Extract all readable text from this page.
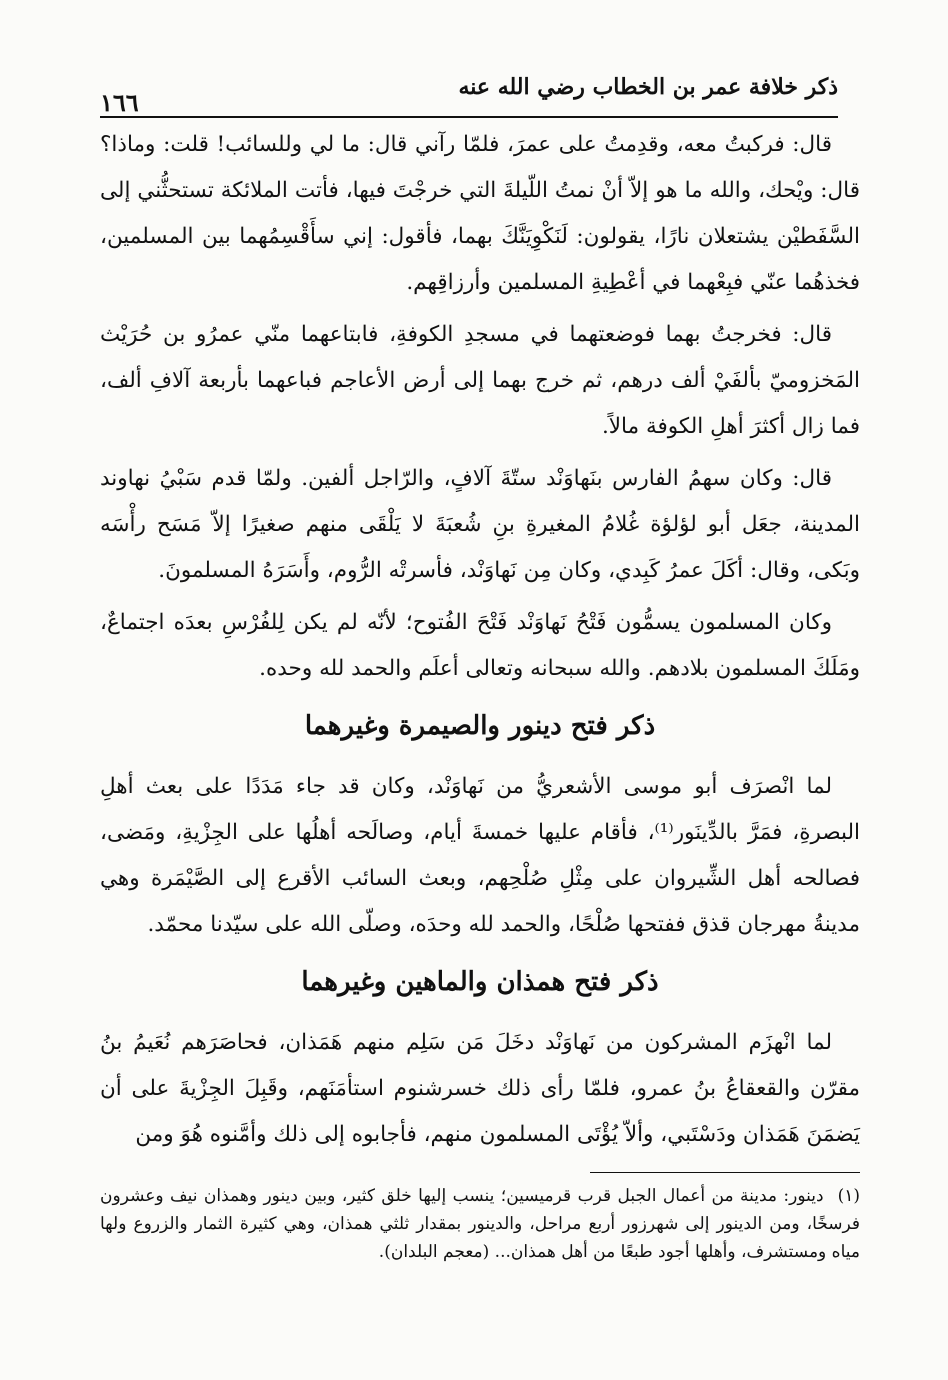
ذكر خلافة عمر بن الخطاب رضي الله عنه
١٦٦

قال: فركبتُ معه، وقدِمتُ على عمرَ، فلمّا رآني قال: ما لي وللسائب! قلت: وماذا؟ قال: ويْحك، والله ما هو إلاّ أنْ نمتُ اللّيلةَ التي خرجْتَ فيها، فأتت الملائكة تستحثُّني إلى السَّفَطيْن يشتعلان نارًا، يقولون: لَنَكْوِيَنَّكَ بهما، فأقول: إني سأَقْسِمُهما بين المسلمين، فخذهُما عنّي فبِعْهما في أعْطِيةِ المسلمين وأرزاقِهم.

قال: فخرجتُ بهما فوضعتهما في مسجدِ الكوفةِ، فابتاعهما منّي عمرُو بن حُرَيْث المَخزوميّ بألفَيْ ألف درهم، ثم خرج بهما إلى أرض الأعاجم فباعهما بأربعة آلافِ ألف، فما زال أكثرَ أهلِ الكوفة مالاً.

قال: وكان سهمُ الفارس بنَهاوَنْد ستّةَ آلافٍ، والرّاجل ألفين. ولمّا قدم سَبْيُ نهاوند المدينة، جعَل أبو لؤلؤة غُلامُ المغيرةِ بنِ شُعبَةَ لا يَلْقَى منهم صغيرًا إلاّ مَسَح رأْسَه وبَكى، وقال: أكَلَ عمرُ كَبِدي، وكان مِن نَهاوَنْد، فأسرتْه الرُّوم، وأَسَرَهُ المسلمونَ.

وكان المسلمون يسمُّون فَتْحُ نَهاوَنْد فَتْحَ الفُتوح؛ لأنّه لم يكن لِلفُرْسِ بعدَه اجتماعٌ، ومَلَكَ المسلمون بلادهم. والله سبحانه وتعالى أعلَم والحمد لله وحده.

ذكر فتح دينور والصيمرة وغيرهما

لما انْصرَف أبو موسى الأشعريُّ من نَهاوَنْد، وكان قد جاء مَدَدًا على بعث أهلِ البصرةِ، فمَرَّ بالدِّينَور⁽¹⁾، فأقام عليها خمسةَ أيام، وصالَحه أهلُها على الجِزْيةِ، ومَضى، فصالحه أهل الشِّيروان على مِثْلِ صُلْحِهم، وبعث السائب الأقرع إلى الصَّيْمَرة وهي مدينةُ مهرجان قذق ففتحها صُلْحًا، والحمد لله وحدَه، وصلّى الله على سيّدنا محمّد.

ذكر فتح همذان والماهين وغيرهما

لما انْهزَم المشركون من نَهاوَنْد دخَلَ مَن سَلِم منهم هَمَذان، فحاصَرَهم نُعَيمُ بنُ مقرّن والقعقاعُ بنُ عمرو، فلمّا رأى ذلك خسرشنوم استأمَنَهم، وقَبِلَ الجِزْيةَ على أن يَضمَنَ هَمَذان ودَسْتَبي، وألاّ يُؤْتَى المسلمون منهم، فأجابوه إلى ذلك وأمَّنوه هُوَ ومن

(١)دينور: مدينة من أعمال الجبل قرب قرميسين؛ ينسب إليها خلق كثير، وبين دينور وهمذان نيف وعشرون فرسخًا، ومن الدينور إلى شهرزور أربع مراحل، والدينور بمقدار ثلثي همذان، وهي كثيرة الثمار والزروع ولها مياه ومستشرف، وأهلها أجود طبعًا من أهل همذان... (معجم البلدان).
